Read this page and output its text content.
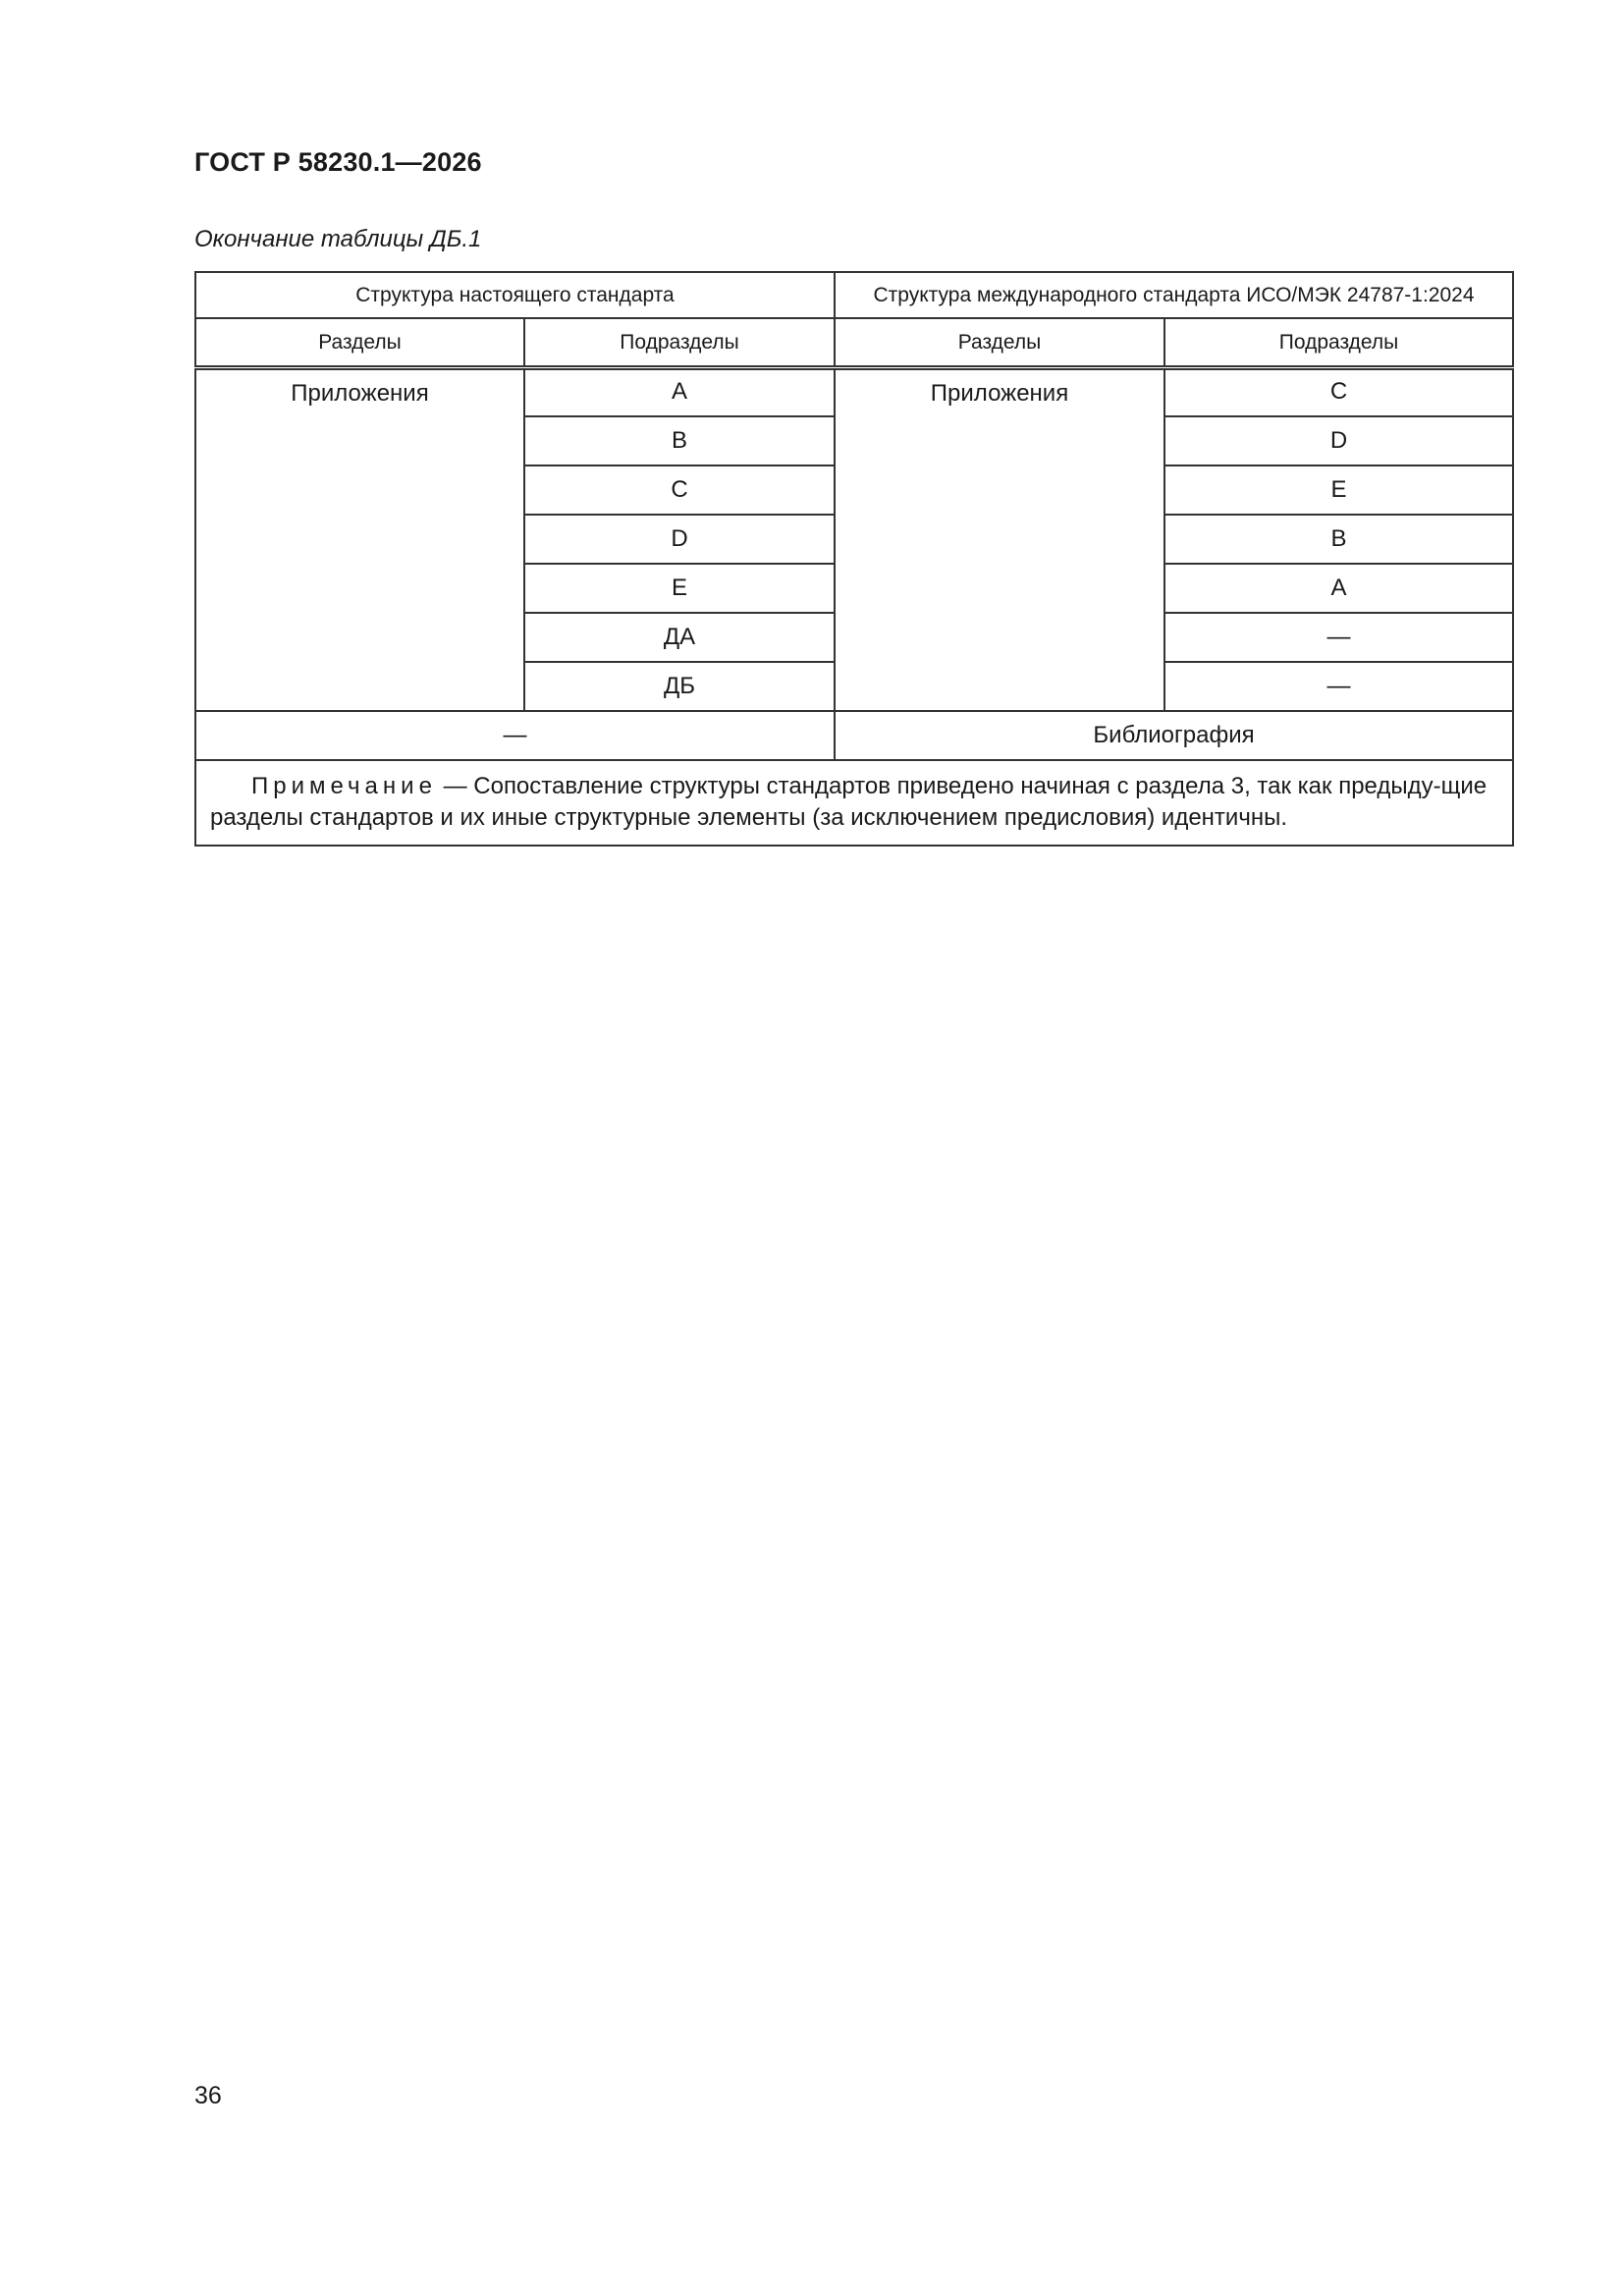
ГОСТ Р 58230.1—2026
Окончание таблицы ДБ.1
Структура настоящего стандарта		Структура международного стандарта ИСО/МЭК 24787-1:2024	
Разделы	Подразделы	Разделы	Подразделы
Приложения	A	Приложения	C
	B		D
	C		E
	D		B
	E		A
	ДА		—
	ДБ		—
—		Библиография	
Примечание — Сопоставление структуры стандартов приведено начиная с раздела 3, так как предыду-щие разделы стандартов и их иные структурные элементы (за исключением предисловия) идентичны.			
36
